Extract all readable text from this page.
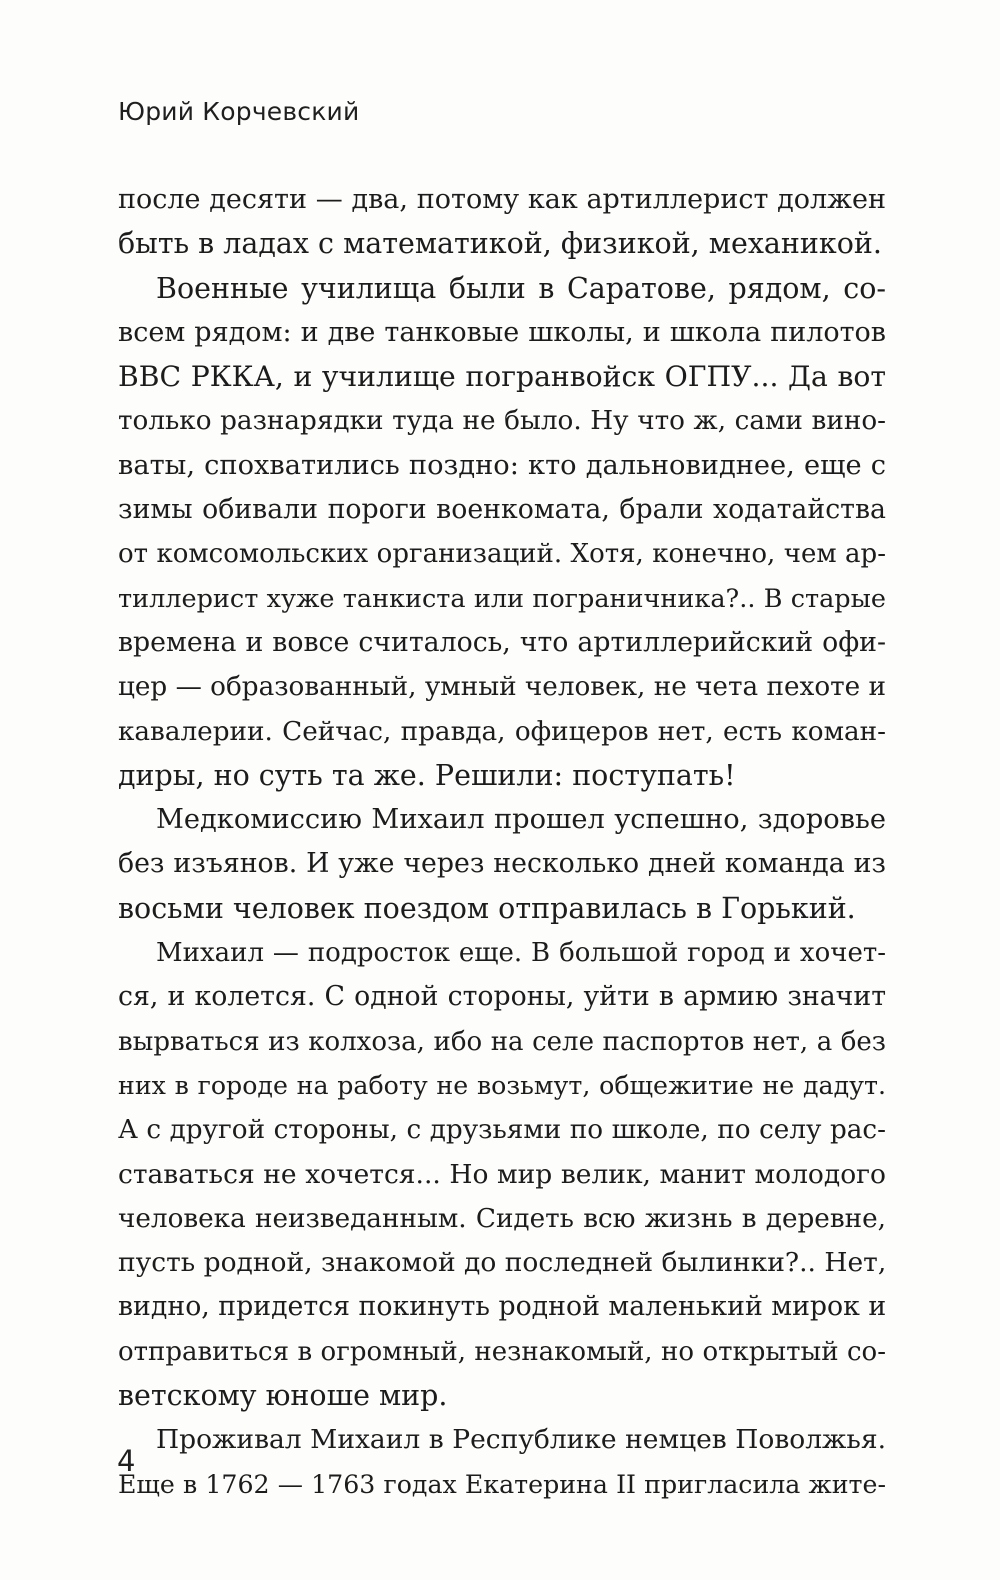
Юрий Корчевский
после десяти — два, потому как артиллерист должен
быть в ладах с математикой, физикой, механикой.
Военные училища были в Саратове, рядом, со-
всем рядом: и две танковые школы, и школа пилотов
ВВС РККА, и училище погранвойск ОГПУ... Да вот
только разнарядки туда не было. Ну что ж, сами вино-
ваты, спохватились поздно: кто дальновиднее, еще с
зимы обивали пороги военкомата, брали ходатайства
от комсомольских организаций. Хотя, конечно, чем ар-
тиллерист хуже танкиста или пограничника?.. В старые
времена и вовсе считалось, что артиллерийский офи-
цер — образованный, умный человек, не чета пехоте и
кавалерии. Сейчас, правда, офицеров нет, есть коман-
диры, но суть та же. Решили: поступать!
Медкомиссию Михаил прошел успешно, здоровье
без изъянов. И уже через несколько дней команда из
восьми человек поездом отправилась в Горький.
Михаил — подросток еще. В большой город и хочет-
ся, и колется. С одной стороны, уйти в армию значит
вырваться из колхоза, ибо на селе паспортов нет, а без
них в городе на работу не возьмут, общежитие не дадут.
А с другой стороны, с друзьями по школе, по селу рас-
ставаться не хочется... Но мир велик, манит молодого
человека неизведанным. Сидеть всю жизнь в деревне,
пусть родной, знакомой до последней былинки?.. Нет,
видно, придется покинуть родной маленький мирок и
отправиться в огромный, незнакомый, но открытый со-
ветскому юноше мир.
Проживал Михаил в Республике немцев Поволжья.
Еще в 1762 — 1763 годах Екатерина II пригласила жите-
4
